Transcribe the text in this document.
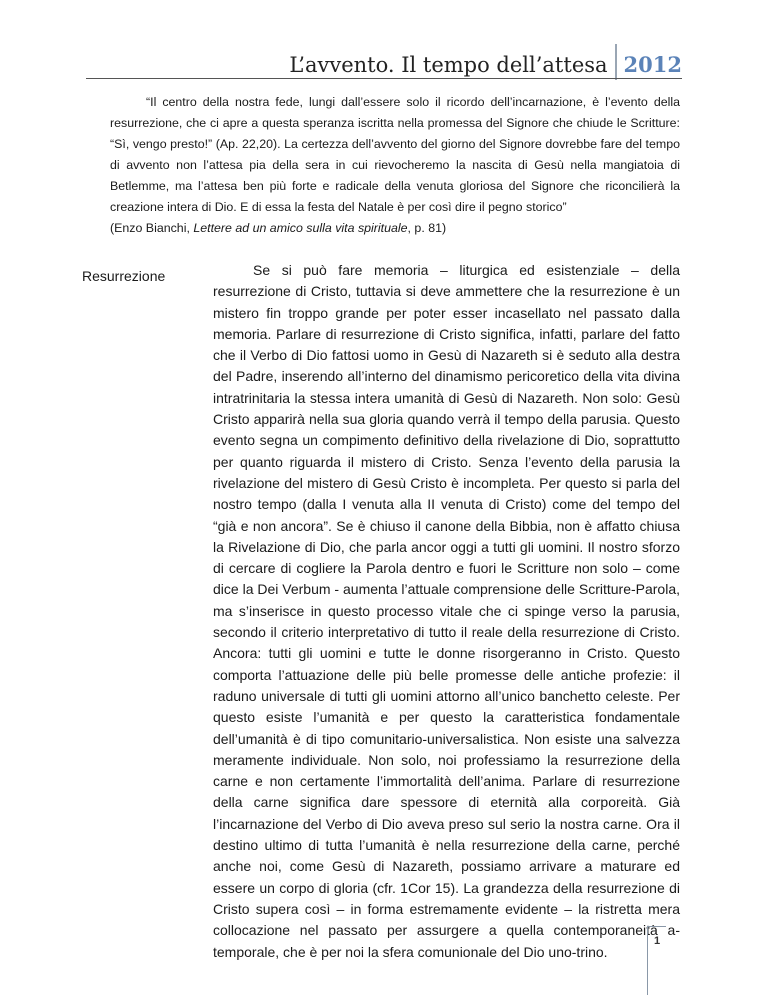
L’avvento. Il tempo dell’attesa 2012
“Il centro della nostra fede, lungi dall’essere solo il ricordo dell’incarnazione, è l’evento della resurrezione, che ci apre a questa speranza iscritta nella promessa del Signore che chiude le Scritture: “Sì, vengo presto!” (Ap. 22,20). La certezza dell’avvento del giorno del Signore dovrebbe fare del tempo di avvento non l’attesa pia della sera in cui rievocheremo la nascita di Gesù nella mangiatoia di Betlemme, ma l’attesa ben più forte e radicale della venuta gloriosa del Signore che riconcilierà la creazione intera di Dio. E di essa la festa del Natale è per così dire il pegno storico”
(Enzo Bianchi, Lettere ad un amico sulla vita spirituale, p. 81)
Resurrezione	Se si può fare memoria – liturgica ed esistenziale – della resurrezione di Cristo, tuttavia si deve ammettere che la resurrezione è un mistero fin troppo grande per poter esser incasellato nel passato dalla memoria. Parlare di resurrezione di Cristo significa, infatti, parlare del fatto che il Verbo di Dio fattosi uomo in Gesù di Nazareth si è seduto alla destra del Padre, inserendo all’interno del dinamismo pericoretico della vita divina intratrinitaria la stessa intera umanità di Gesù di Nazareth. Non solo: Gesù Cristo apparirà nella sua gloria quando verrà il tempo della parusia. Questo evento segna un compimento definitivo della rivelazione di Dio, soprattutto per quanto riguarda il mistero di Cristo. Senza l’evento della parusia la rivelazione del mistero di Gesù Cristo è incompleta. Per questo si parla del nostro tempo (dalla I venuta alla II venuta di Cristo) come del tempo del “già e non ancora”. Se è chiuso il canone della Bibbia, non è affatto chiusa la Rivelazione di Dio, che parla ancor oggi a tutti gli uomini. Il nostro sforzo di cercare di cogliere la Parola dentro e fuori le Scritture non solo – come dice la Dei Verbum - aumenta l’attuale comprensione delle Scritture-Parola, ma s’inserisce in questo processo vitale che ci spinge verso la parusia, secondo il criterio interpretativo di tutto il reale della resurrezione di Cristo. Ancora: tutti gli uomini e tutte le donne risorgeranno in Cristo. Questo comporta l’attuazione delle più belle promesse delle antiche profezie: il raduno universale di tutti gli uomini attorno all’unico banchetto celeste. Per questo esiste l’umanità e per questo la caratteristica fondamentale dell’umanità è di tipo comunitario-universalistica. Non esiste una salvezza meramente individuale. Non solo, noi professiamo la resurrezione della carne e non certamente l’immortalità dell’anima. Parlare di resurrezione della carne significa dare spessore di eternità alla corporeità. Già l’incarnazione del Verbo di Dio aveva preso sul serio la nostra carne. Ora il destino ultimo di tutta l’umanità è nella resurrezione della carne, perché anche noi, come Gesù di Nazareth, possiamo arrivare a maturare ed essere un corpo di gloria (cfr. 1Cor 15). La grandezza della resurrezione di Cristo supera così – in forma estremamente evidente – la ristretta mera collocazione nel passato per assurgere a quella contemporaneità a-temporale, che è per noi la sfera comunionale del Dio uno-trino.
1
